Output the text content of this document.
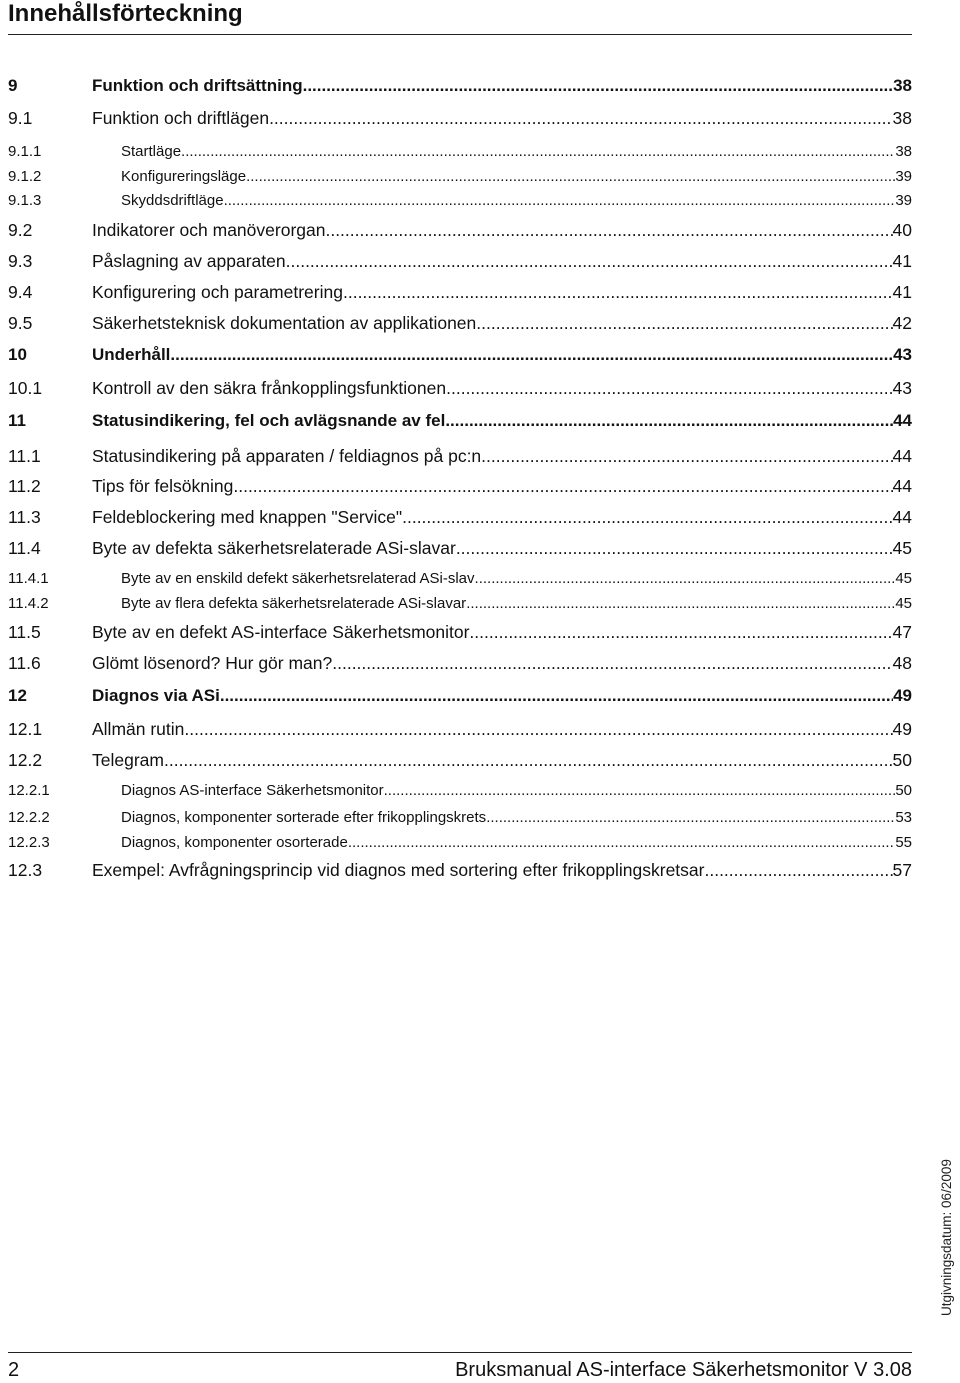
Innehållsförteckning
9	Funktion och driftsättning .....	38
9.1	Funktion och driftlägen .....	38
9.1.1	Startläge .....	38
9.1.2	Konfigureringsläge .....	39
9.1.3	Skyddsdriftläge .....	39
9.2	Indikatorer och manöverorgan .....	40
9.3	Påslagning av apparaten .....	41
9.4	Konfigurering och parametrering .....	41
9.5	Säkerhetsteknisk dokumentation av applikationen .....	42
10	Underhåll .....	43
10.1	Kontroll av den säkra frånkopplingsfunktionen .....	43
11	Statusindikering, fel och avlägsnande av fel .....	44
11.1	Statusindikering på apparaten / feldiagnos på pc:n .....	44
11.2	Tips för felsökning .....	44
11.3	Feldeblockering med knappen "Service" .....	44
11.4	Byte av defekta säkerhetsrelaterade ASi-slavar .....	45
11.4.1	Byte av en enskild defekt säkerhetsrelaterad ASi-slav .....	45
11.4.2	Byte av flera defekta säkerhetsrelaterade ASi-slavar .....	45
11.5	Byte av en defekt AS-interface Säkerhetsmonitor .....	47
11.6	Glömt lösenord? Hur gör man? .....	48
12	Diagnos via ASi .....	49
12.1	Allmän rutin .....	49
12.2	Telegram .....	50
12.2.1	Diagnos AS-interface Säkerhetsmonitor .....	50
12.2.2	Diagnos, komponenter sorterade efter frikopplingskrets .....	53
12.2.3	Diagnos, komponenter osorterade .....	55
12.3	Exempel: Avfrågningsprincip vid diagnos med sortering efter frikopplingskretsar .....	57
Utgivningsdatum: 06/2009
2	Bruksmanual AS-interface Säkerhetsmonitor V 3.08
